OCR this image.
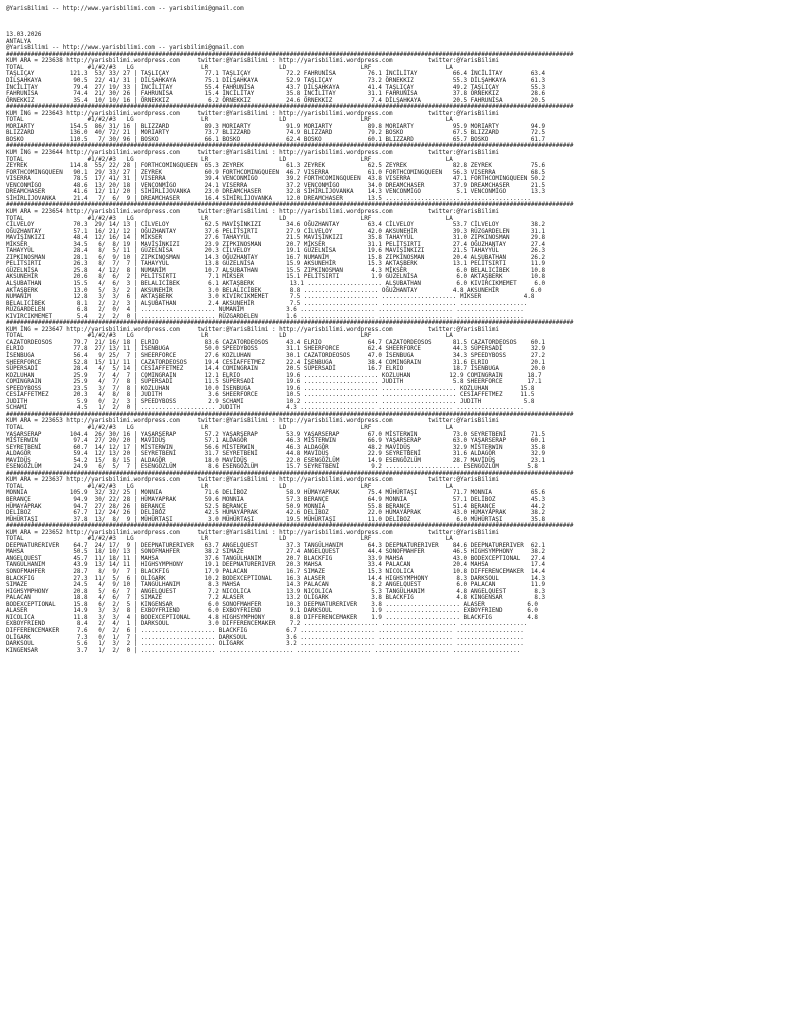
@YarisBilimi -- http://www.yarisbilimi.com -- yarisbilimi@gmail.com

13.03.2026
ANTALYA
@YarisBilimi -- http://www.yarisbilimi.com -- yarisbilimi@gmail.com
################################################################################################################################################################
KUM ARA = 223638 http://yarisbilimi.wordpress.com     twitter:@YarisBilimi : http://yarisbilimi.wordpress.com          twitter:@YarisBilimi
TOTAL                  #1/#2/#3   LG                   LR                    LD                     LRF                     LA
TAŞLIÇAY          121.3  53/ 33/ 27 | TAŞLIÇAY          77.1 TAŞLIÇAY          72.2 FAHRUNİSA         76.1 İNCİLİTAY          66.4 İNCİLİTAY        63.4
DİLŞAHKAYA         90.5  22/ 41/ 31 | DİLŞAHKAYA        75.1 DİLŞAHKAYA        52.9 TAŞLIÇAY          73.2 ÖRNEKKIZ           55.3 DİLŞAHKAYA       61.3
İNCİLİTAY          79.4  27/ 19/ 33 | İNCİLİTAY         55.4 FAHRUNİSA         43.7 DİLŞAHKAYA        41.4 TAŞLIÇAY           49.2 TAŞLIÇAY         55.3
FAHRUNİSA          74.4  21/ 30/ 26 | FAHRUNİSA         15.4 İNCİLİTAY         35.8 İNCİLİTAY         31.1 FAHRUNİSA          37.8 ÖRNEKKIZ         28.6
ÖRNEKKIZ           35.4  10/ 10/ 16 | ÖRNEKKIZ           6.2 ÖRNEKKIZ          24.6 ÖRNEKKIZ           7.4 DİLŞAHKAYA         20.5 FAHRUNİSA        20.5
################################################################################################################################################################
KUM İNG = 223643 http://yarisbilimi.wordpress.com     twitter:@YarisBilimi : http://yarisbilimi.wordpress.com          twitter:@YarisBilimi
TOTAL                  #1/#2/#3   LG                   LR                    LD                     LRF                     LA
MORIARTY          154.5  86/ 31/ 16 | BLIZZARD          89.3 MORIARTY          91.9 MORIARTY          89.8 MORIARTY           95.9 MORIARTY         94.9
BLIZZARD          136.0  40/ 72/ 21 | MORIARTY          73.7 BLIZZARD          74.9 BLIZZARD          79.2 BOSKO              67.5 BLIZZARD         72.5
BOSKO             110.5   7/ 30/ 96 | BOSKO             66.1 BOSKO             62.4 BOSKO             60.1 BLIZZARD           65.7 BOSKO            61.7
################################################################################################################################################################
KUM İNG = 223644 http://yarisbilimi.wordpress.com     twitter:@YarisBilimi : http://yarisbilimi.wordpress.com          twitter:@YarisBilimi
TOTAL                  #1/#2/#3   LG                   LR                    LD                     LRF                     LA
ZEYREK            114.8  55/ 22/ 28 | FORTHCOMINGQUEEN  65.3 ZEYREK            61.3 ZEYREK            62.5 ZEYREK             82.8 ZEYREK           75.6
FORTHCOMINGQUEEN   90.1  29/ 33/ 27 | ZEYREK            60.9 FORTHCOMINGQUEEN  46.7 VISERRA           61.0 FORTHCOMINGQUEEN   56.3 VISERRA          68.5
VISERRA            78.5  17/ 41/ 31 | VISERRA           39.4 VENCONMİGO        39.2 FORTHCOMINGQUEEN  43.8 VISERRA            47.1 FORTHCOMINGQUEEN 50.2
VENCONMİGO         48.6  13/ 20/ 18 | VENCONMİGO        24.1 VISERRA           37.2 VENCONMİGO        34.0 DREAMCHASER        37.9 DREAMCHASER      21.5
DREAMCHASER        41.6  12/ 11/ 20 | SİHİRLİJOVANKA    23.0 DREAMCHASER       32.8 SİHİRLİJOVANKA    14.3 VENCONMİGO          5.1 VENCONMİGO       13.3
SİHİRLİJOVANKA     21.4   7/  6/  9 | DREAMCHASER       16.4 SİHİRLİJOVANKA    12.0 DREAMCHASER       13.5 ..................... ...................
################################################################################################################################################################
KUM ARA = 223654 http://yarisbilimi.wordpress.com     twitter:@YarisBilimi : http://yarisbilimi.wordpress.com          twitter:@YarisBilimi
TOTAL                  #1/#2/#3   LG                   LR                    LD                     LRF                     LA
CİLVELOY           70.3  29/ 14/ 13 | CİLVELOY          62.5 MAVİŞİNKIZI       34.6 OĞUZHANTAY        63.4 CİLVELOY           53.7 CİLVELOY         38.2
OĞUZHANTAY         57.1  16/ 21/ 12 | OĞUZHANTAY        37.6 PELİTSIRTI        27.9 CİLVELOY          42.0 AKSUNEHİR          39.3 RÜZGARDELEN      31.1
MAVİŞİNKIZI        48.4  12/ 16/ 14 | MİKSER            27.6 TAHAYYÜL          21.5 MAVİŞİNKIZI       35.8 TAHAYYÜL           31.0 ZIPKINOSMAN      29.8
MİKSER             34.5   6/  8/ 19 | MAVİŞİNKIZI       23.9 ZIPKINOSMAN       20.7 MİKSER            31.1 PELİTSIRTI         27.4 OĞUZHANTAY       27.4
TAHAYYÜL           28.4   8/  5/ 11 | GÜZELNİSA         20.3 CİLVELOY          19.1 GÜZELNİSA         19.6 MAVİŞİNKIZI        21.5 TAHAYYÜL         26.3
ZIPKINOSMAN        28.1   6/  9/ 10 | ZIPKINOSMAN       14.3 OĞUZHANTAY        16.7 NUMANİM           15.8 ZIPKINOSMAN        20.4 ALŞUBATHAN       26.2
PELİTSIRTI         26.3   8/  7/  7 | TAHAYYÜL          13.8 GÜZELNİSA         15.9 AKSUNEHİR         15.3 AKTAŞBERK          13.1 PELİTSIRTI       11.9
GÜZELNİSA          25.8   4/ 12/  8 | NUMANİM           10.7 ALŞUBATHAN        15.5 ZIPKINOSMAN        4.3 MİKSER              6.0 BELALICİBEK      10.8
AKSUNEHİR          20.6   8/  6/  2 | PELİTSIRTI         7.1 MİKSER            15.1 PELİTSIRTI         1.9 GÜZELNİSA           6.0 AKTAŞBERK        10.8
ALŞUBATHAN         15.5   4/  6/  3 | BELALICİBEK        6.1 AKTAŞBERK          13.1 ..................... ALŞUBATHAN          6.0 KIVIRCIKMEMET     6.0
AKTAŞBERK          13.0   5/  3/  2 | AKSUNEHİR          3.0 BELALICİBEK        8.8 ..................... OĞUZHANTAY          4.8 AKSUNEHİR         6.0
NUMANİM            12.8   3/  3/  6 | AKTAŞBERK          3.0 KIVIRCIKMEMET      7.5 ..................... ..................... MİKSER            4.8
BELALICİBEK         8.1   2/  2/  3 | ALŞUBATHAN         2.4 AKSUNEHİR          7.5 ..................... ..................... ...................
RÜZGARDELEN         6.8   2/  0/  4 | ..................... NUMANİM            3.6 ..................... ..................... ...................
KIVIRCIKMEMET       5.4   2/  2/  0 | ..................... RÜZGARDELEN        1.6 ..................... ..................... ...................
################################################################################################################################################################
KUM İNG = 223647 http://yarisbilimi.wordpress.com     twitter:@YarisBilimi : http://yarisbilimi.wordpress.com          twitter:@YarisBilimi
TOTAL                  #1/#2/#3   LG                   LR                    LD                     LRF                     LA
CAZATORDEOSOS      79.7  21/ 16/ 18 | ELRIO             83.6 CAZATORDEOSOS     43.4 ELRIO             64.7 CAZATORDEOSOS      81.5 CAZATORDEOSOS    60.1
ELRIO              77.8  27/ 13/ 11 | İSENBUGA          50.0 SPEEDYBOSS        31.1 SHEERFORCE        62.4 SHEERFORCE         44.3 SÜPERSADİ        32.9
İSENBUGA           56.4   9/ 25/  7 | SHEERFORCE        27.6 KOZLUHAN          30.1 CAZATORDEOSOS     47.0 İSENBUGA           34.3 SPEEDYBOSS       27.2
SHEERFORCE         52.8  15/ 11/ 11 | CAZATORDEOSOS     19.4 CESİAFFETMEZ      22.4 İSENBUGA          38.4 COMINGRAIN         31.6 ELRIO            20.1
SÜPERSADİ          28.4   4/  5/ 14 | CESİAFFETMEZ      14.4 COMINGRAIN        20.5 SÜPERSADİ         16.7 ELRIO              18.7 İSENBUGA         20.0
KOZLUHAN           25.9   7/  4/  7 | COMINGRAIN        12.1 ELRIO             19.6 ..................... KOZLUHAN           12.9 COMINGRAIN       18.7
COMINGRAIN         25.9   4/  7/  8 | SÜPERSADİ         11.5 SÜPERSADİ         19.6 ..................... JUDITH              5.8 SHEERFORCE       17.1
SPEEDYBOSS         23.5   3/  7/  8 | KOZLUHAN          10.0 İSENBUGA          19.6 ..................... ..................... KOZLUHAN         15.8
CESİAFFETMEZ       20.3   4/  8/  8 | JUDITH             3.6 SHEERFORCE        10.5 ..................... ..................... CESİAFFETMEZ     11.5
JUDITH              5.9   0/  2/  3 | SPEEDYBOSS         2.9 SCHAMI            10.2 ..................... ..................... JUDITH            5.8
SCHAMI              4.5   1/  2/  0 | ..................... JUDITH             4.3 ..................... ..................... ...................
################################################################################################################################################################
KUM ARA = 223653 http://yarisbilimi.wordpress.com     twitter:@YarisBilimi : http://yarisbilimi.wordpress.com          twitter:@YarisBilimi
TOTAL                  #1/#2/#3   LG                   LR                    LD                     LRF                     LA
YAŞARSERAP        104.4  26/ 30/ 16 | YAŞARSERAP        57.2 YAŞARSERAP        53.9 YAŞARSERAP        67.0 MİSTERWIN          73.0 SEYRETBENİ       71.5
MİSTERWIN          97.4  27/ 20/ 20 | MAVİDÜŞ           57.1 ALDAGÖR           46.3 MİSTERWIN         66.9 YAŞARSERAP         63.0 YAŞARSERAP       60.1
SEYRETBENİ         60.7  14/ 12/ 17 | MİSTERWIN         56.6 MİSTERWIN         46.3 ALDAGÖR           48.2 MAVİDÜŞ            32.9 MİSTERWIN        35.8
ALDAGÖR            59.4  12/ 13/ 20 | SEYRETBENİ        31.7 SEYRETBENİ        44.8 MAVİDÜŞ           22.9 SEYRETBENİ         31.6 ALDAGÖR          32.9
MAVİDÜŞ            54.2  15/  8/ 15 | ALDAGÖR           18.0 MAVİDÜŞ           22.0 ESENGÖZLÜM        14.9 ESENGÖZLÜM         28.7 MAVİDÜŞ          23.1
ESENGÖZLÜM         24.9   6/  5/  7 | ESENGÖZLÜM         8.6 ESENGÖZLÜM        15.7 SEYRETBENİ         9.2 ..................... ESENGÖZLÜM        5.8
################################################################################################################################################################
KUM ARA = 223637 http://yarisbilimi.wordpress.com     twitter:@YarisBilimi : http://yarisbilimi.wordpress.com          twitter:@YarisBilimi
TOTAL                  #1/#2/#3   LG                   LR                    LD                     LRF                     LA
MONNIA            105.9  32/ 32/ 25 | MONNIA            71.6 DELİBOZ           58.9 HÜMAYAPRAK        75.4 MÜHÜRTAŞI          71.7 MONNIA           65.6
BERANÇE            94.9  30/ 22/ 28 | HÜMAYAPRAK        59.6 MONNIA            57.3 BERANÇE           64.9 MONNIA             57.1 DELİBOZ          45.3
HÜMAYAPRAK         94.7  27/ 28/ 26 | BERANÇE           52.5 BERANÇE           50.9 MONNIA            55.8 BERANÇE            51.4 BERANÇE          44.2
DELİBOZ            67.7  12/ 24/ 26 | DELİBOZ           42.5 HÜMAYAPRAK        42.6 DELİBOZ           22.0 HÜMAYAPRAK         43.0 HÜMAYAPRAK       38.2
MÜHÜRTAŞI          37.8  13/  8/  9 | MÜHÜRTAŞI          3.0 MÜHÜRTAŞI         19.5 MÜHÜRTAŞI         11.0 DELİBOZ             6.0 MÜHÜRTAŞI        35.8
################################################################################################################################################################
KUM ARA = 223652 http://yarisbilimi.wordpress.com     twitter:@YarisBilimi : http://yarisbilimi.wordpress.com          twitter:@YarisBilimi
TOTAL                  #1/#2/#3   LG                   LR                    LD                     LRF                     LA
DEEPNATURERIVER    64.7  24/ 17/  9 | DEEPNATURERIVER   63.7 ANGELQUEST        37.3 TANGÜLHANIM       64.3 DEEPNATURERIVER    84.6 DEEPNATURERIVER  62.1
MAHSA              50.5  18/ 10/ 13 | SONOFMAHFER       38.2 SIMAZE            27.4 ANGELQUEST        44.4 SONOFMAHFER        46.5 HIGHSYMPHONY     38.2
ANGELQUEST         45.7  11/ 18/ 11 | MAHSA             37.6 TANGÜLHANIM       20.7 BLACKFIG          33.9 MAHSA              43.0 BODEXCEPTIONAL   27.4
TANGÜLHANIM        43.9  13/ 14/ 11 | HIGHSYMPHONY      19.1 DEEPNATURERIVER   20.3 MAHSA             33.4 PALACAN            20.4 MAHSA            17.4
SONOFMAHFER        28.7   8/  9/  7 | BLACKFIG          17.9 PALACAN           16.7 SIMAZE            15.3 NICOLICA           10.8 DIFFERENCEMAKER  14.4
BLACKFIG           27.3  11/  5/  6 | OLİGARK           10.2 BODEXCEPTIONAL    16.3 ALASER            14.4 HIGHSYMPHONY        8.3 DARKSOUL         14.3
SIMAZE             24.5   4/  9/ 10 | TANGÜLHANIM        8.3 MAHSA             14.3 PALACAN            8.2 ANGELQUEST          6.0 PALACAN          11.9
HIGHSYMPHONY       20.8   5/  6/  7 | ANGELQUEST         7.2 NICOLICA          13.9 NICOLICA           5.3 TANGÜLHANIM         4.8 ANGELQUEST        8.3
PALACAN            18.8   4/  6/  7 | SIMAZE             7.2 ALASER            13.2 OLİGARK            3.8 BLACKFIG            4.8 KINGENSAR         8.3
BODEXCEPTIONAL     15.8   6/  2/  5 | KINGENSAR          6.0 SONOFMAHFER       10.3 DEEPNATURERIVER    3.8 ..................... ALASER            6.0
ALASER             14.9   3/  3/  8 | EXBOYFRIEND        6.0 EXBOYFRIEND        9.1 DARKSOUL           1.9 ..................... EXBOYFRIEND       6.0
NICOLICA           11.8   3/  3/  4 | BODEXCEPTIONAL     4.8 HIGHSYMPHONY       8.8 DIFFERENCEMAKER    1.9 ..................... BLACKFIG          4.8
EXBOYFRIEND         8.4   2/  4/  1 | DARKSOUL           3.0 DIFFERENCEMAKER    7.2 ..................... ..................... ...................
DIFFERENCEMAKER     7.6   0/  2/  6 | ..................... BLACKFIG           6.7 ..................... ..................... ...................
OLİGARK             7.3   0/  1/  7 | ..................... DARKSOUL           3.6 ..................... ..................... ...................
DARKSOUL            5.6   1/  3/  2 | ..................... OLİGARK            3.2 ..................... ..................... ...................
KINGENSAR           3.7   1/  2/  0 | ..................... ..................... ..................... ..................... ...................
